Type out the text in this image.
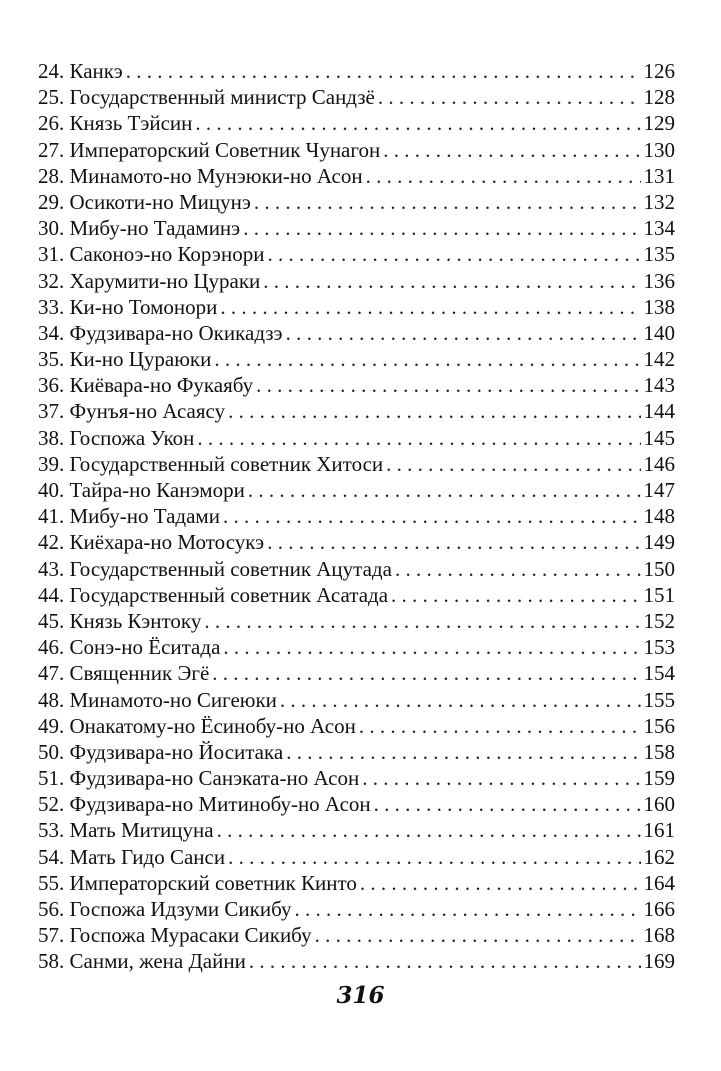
24. Канкэ . . .	126
25. Государственный министр Сандзё . . .	128
26. Князь Тэйсин . . .	129
27. Императорский Советник Чунагон . . .	130
28. Минамото-но Мунэюки-но Асон . . .	131
29. Осикоти-но Мицунэ . . .	132
30. Мибу-но Тадаминэ . . .	134
31. Саконоэ-но Корэнори . . .	135
32. Харумити-но Цураки . . .	136
33. Ки-но Томонори . . .	138
34. Фудзивара-но Окикадзэ . . .	140
35. Ки-но Цураюки . . .	142
36. Киёвара-но Фукаябу . . .	143
37. Фунъя-но Асаясу . . .	144
38. Госпожа Укон . . .	145
39. Государственный советник Хитоси . . .	146
40. Тайра-но Канэмори . . .	147
41. Мибу-но Тадами . . .	148
42. Киёхара-но Мотосукэ . . .	149
43. Государственный советник Ацутада . . .	150
44. Государственный советник Асатада . . .	151
45. Князь Кэнтоку . . .	152
46. Сонэ-но Ёситада . . .	153
47. Священник Эгё . . .	154
48. Минамото-но Сигеюки . . .	155
49. Онакатому-но Ёсинобу-но Асон . . .	156
50. Фудзивара-но Йоситака . . .	158
51. Фудзивара-но Санэката-но Асон . . .	159
52. Фудзивара-но Митинобу-но Асон . . .	160
53. Мать Митицуна . . .	161
54. Мать Гидо Санси . . .	162
55. Императорский советник Кинто . . .	164
56. Госпожа Идзуми Сикибу . . .	166
57. Госпожа Мурасаки Сикибу . . .	168
58. Санми, жена Дайни . . .	169
316
